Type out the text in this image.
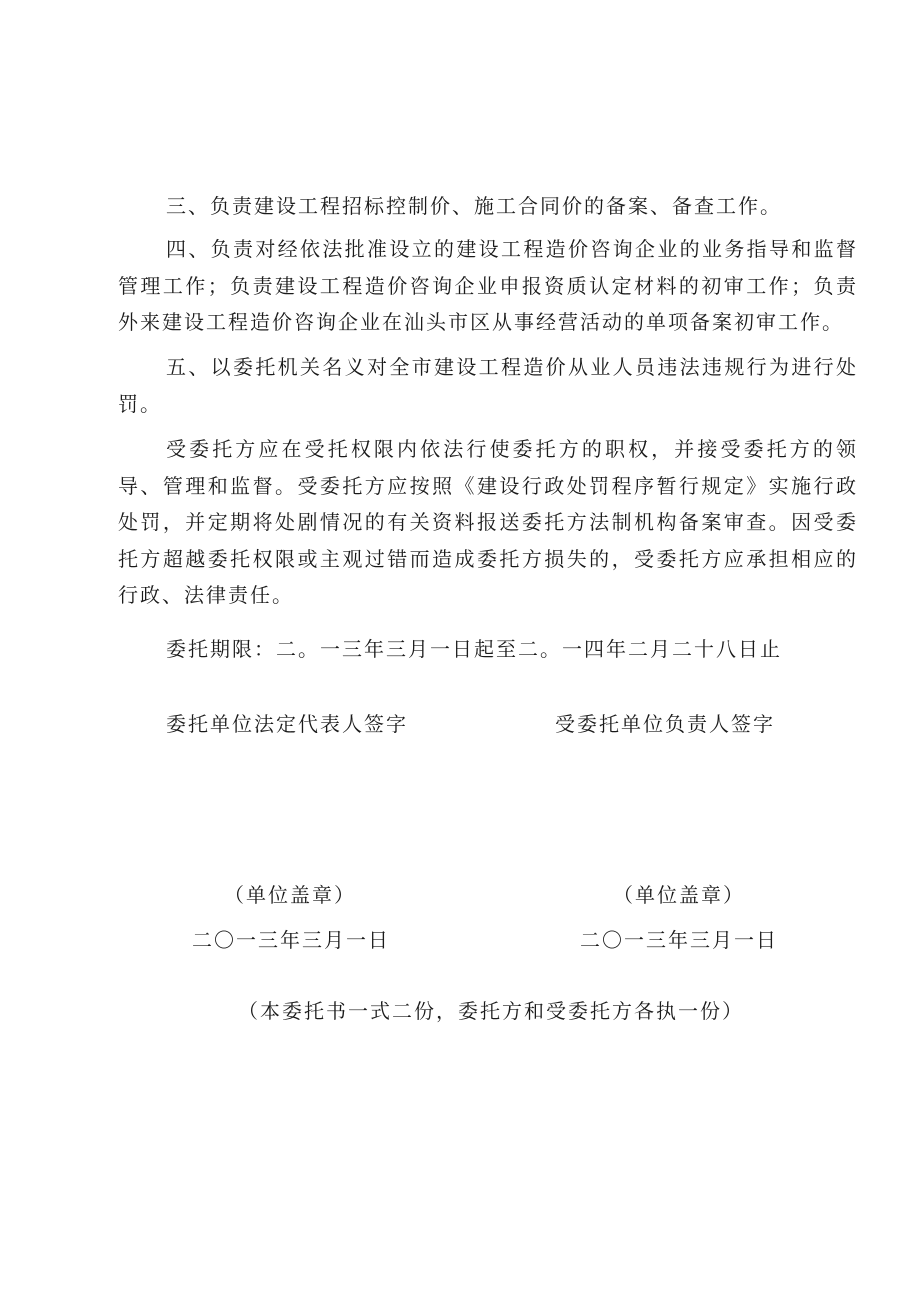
三、负责建设工程招标控制价、施工合同价的备案、备查工作。

四、负责对经依法批准设立的建设工程造价咨询企业的业务指导和监督管理工作；负责建设工程造价咨询企业申报资质认定材料的初审工作；负责外来建设工程造价咨询企业在汕头市区从事经营活动的单项备案初审工作。

五、以委托机关名义对全市建设工程造价从业人员违法违规行为进行处罚。

受委托方应在受托权限内依法行使委托方的职权，并接受委托方的领导、管理和监督。受委托方应按照《建设行政处罚程序暂行规定》实施行政处罚，并定期将处剧情况的有关资料报送委托方法制机构备案审查。因受委托方超越委托权限或主观过错而造成委托方损失的，受委托方应承担相应的行政、法律责任。

委托期限：二。一三年三月一日起至二。一四年二月二十八日止

委托单位法定代表人签字	受委托单位负责人签字

（单位盖章）	（单位盖章）

二〇一三年三月一日	二〇一三年三月一日

（本委托书一式二份，委托方和受委托方各执一份）
